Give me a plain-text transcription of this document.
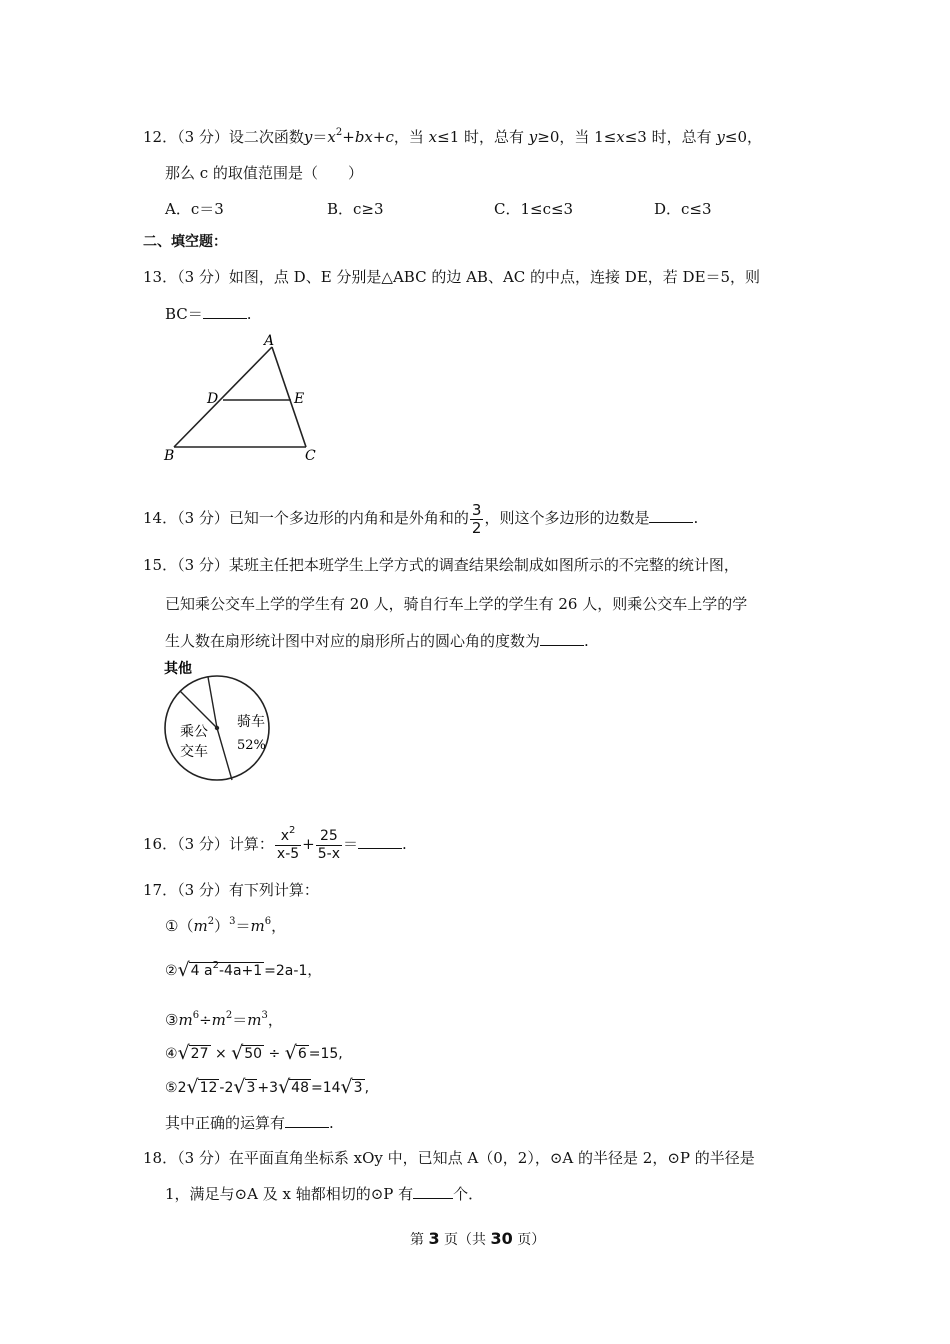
12．（3 分）设二次函数$y=x^2+bx+c$，当 x≤1 时，总有 y≥0，当 1≤x≤3 时，总有 y≤0，
那么 c 的取值范围是（　　）
A．c＝3	B．c≥3	C．1≤c≤3	D．c≤3
二、填空题：
13．（3 分）如图，点 D、E 分别是△ABC 的边 AB、AC 的中点，连接 DE，若 DE＝5，则
BC＝	.
A
D	E
B	C
14．（3 分）已知一个多边形的内角和是外角和的 $\frac{3}{2}$ ，则这个多边形的边数是	.
15．（3 分）某班主任把本班学生上学方式的调查结果绘制成如图所示的不完整的统计图，
已知乘公交车上学的学生有 20 人，骑自行车上学的学生有 26 人，则乘公交车上学的学
生人数在扇形统计图中对应的扇形所占的圆心角的度数为	.
其他
乘公
交车
骑车
52%
16．（3 分）计算： $\frac{x^2}{x-5} + \frac{25}{5-x}$ ＝	.
17．（3 分）有下列计算：
$①(m^2)^3=m^6$，
②√4 $a^2-4a+1 =2a-1$，
$③m^6\div m^2=m^3$，
④√27 × √50 ÷ √6 =15,
⑤2√12 -2√3 +3√48 =14√3 ,
其中正确的运算有	.
18．（3 分）在平面直角坐标系 xOy 中，已知点 A（0，2），⊙A 的半径是 2，⊙P 的半径是
1，满足与⊙A 及 x 轴都相切的⊙P 有	个．
第 3 页（共 30 页）
